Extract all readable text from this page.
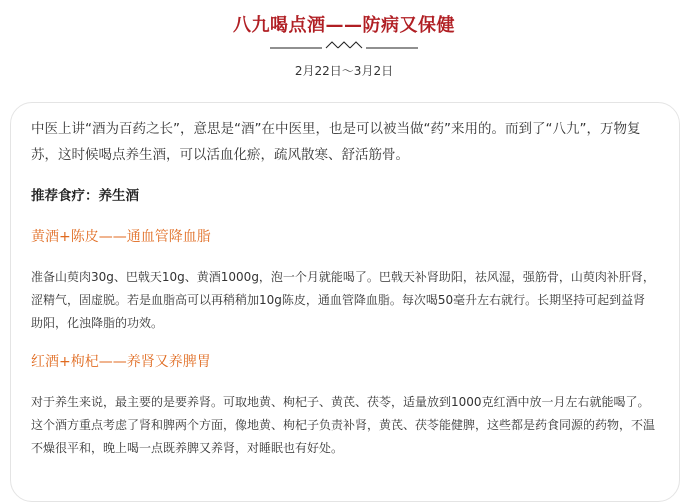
八九喝点酒——防病又保健
2月22日～3月2日

中医上讲“酒为百药之长”，意思是“酒”在中医里，也是可以被当做“药”来用的。而到了“八九”，万物复苏，这时候喝点养生酒，可以活血化瘀，疏风散寒、舒活筋骨。

推荐食疗：养生酒

黄酒+陈皮——通血管降血脂

准备山萸肉30g、巴戟天10g、黄酒1000g，泡一个月就能喝了。巴戟天补肾助阳，祛风湿，强筋骨，山萸肉补肝肾，涩精气，固虚脱。若是血脂高可以再稍稍加10g陈皮，通血管降血脂。每次喝50毫升左右就行。长期坚持可起到益肾助阳，化浊降脂的功效。

红酒+枸杞——养肾又养脾胃

对于养生来说，最主要的是要养肾。可取地黄、枸杞子、黄芪、茯苓，适量放到1000克红酒中放一月左右就能喝了。这个酒方重点考虑了肾和脾两个方面，像地黄、枸杞子负责补肾，黄芪、茯苓能健脾，这些都是药食同源的药物，不温不燥很平和，晚上喝一点既养脾又养肾，对睡眠也有好处。
